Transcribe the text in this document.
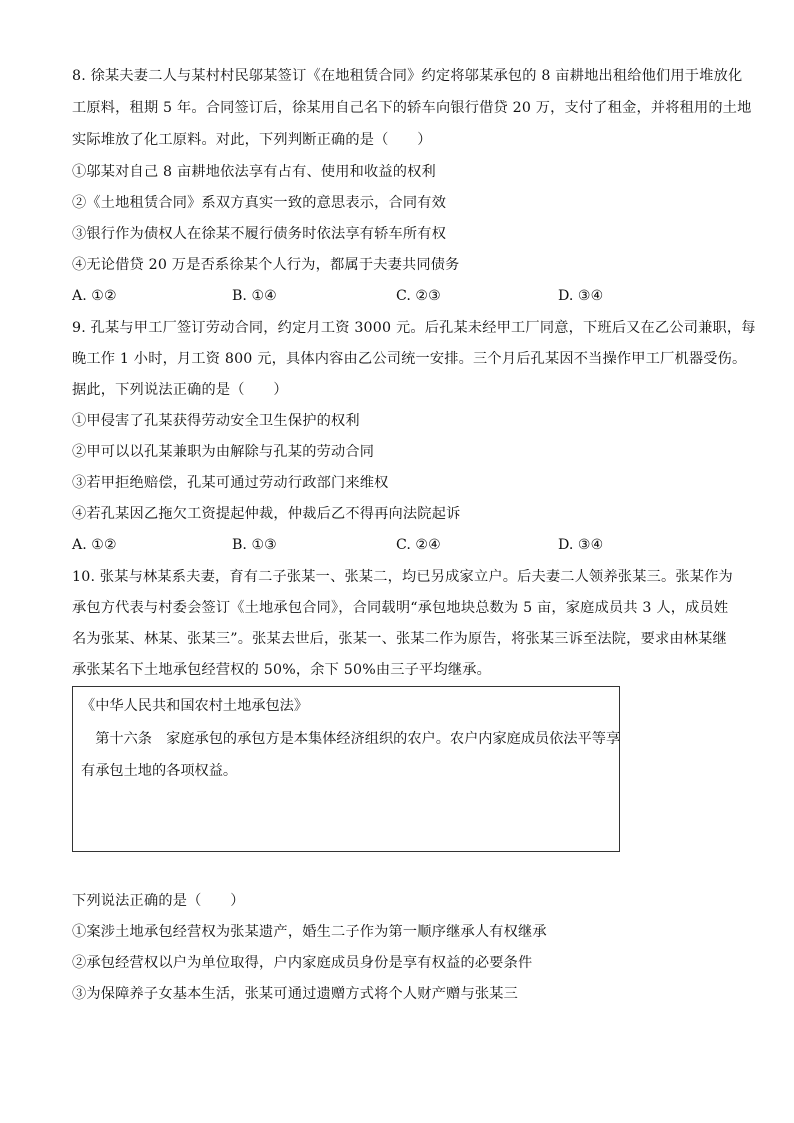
8. 徐某夫妻二人与某村村民邬某签订《在地租赁合同》约定将邬某承包的 8 亩耕地出租给他们用于堆放化
工原料，租期 5 年。合同签订后，徐某用自己名下的轿车向银行借贷 20 万，支付了租金，并将租用的土地
实际堆放了化工原料。对此，下列判断正确的是（　　）
①邬某对自己 8 亩耕地依法享有占有、使用和收益的权利
②《土地租赁合同》系双方真实一致的意思表示，合同有效
③银行作为债权人在徐某不履行债务时依法享有轿车所有权
④无论借贷 20 万是否系徐某个人行为，都属于夫妻共同债务
A. ①②	B. ①④	C. ②③	D. ③④
9. 孔某与甲工厂签订劳动合同，约定月工资 3000 元。后孔某未经甲工厂同意，下班后又在乙公司兼职，每
晚工作 1 小时，月工资 800 元，具体内容由乙公司统一安排。三个月后孔某因不当操作甲工厂机器受伤。
据此，下列说法正确的是（　　）
①甲侵害了孔某获得劳动安全卫生保护的权利
②甲可以以孔某兼职为由解除与孔某的劳动合同
③若甲拒绝赔偿，孔某可通过劳动行政部门来维权
④若孔某因乙拖欠工资提起仲裁，仲裁后乙不得再向法院起诉
A. ①②	B. ①③	C. ②④	D. ③④
10. 张某与林某系夫妻，育有二子张某一、张某二，均已另成家立户。后夫妻二人领养张某三。张某作为
承包方代表与村委会签订《土地承包合同》，合同载明“承包地块总数为 5 亩，家庭成员共 3 人，成员姓
名为张某、林某、张某三”。张某去世后，张某一、张某二作为原告，将张某三诉至法院，要求由林某继
承张某名下土地承包经营权的 50%，余下 50%由三子平均继承。
《中华人民共和国农村土地承包法》
　第十六条　家庭承包的承包方是本集体经济组织的农户。农户内家庭成员依法平等享
有承包土地的各项权益。
下列说法正确的是（　　）
①案涉土地承包经营权为张某遗产，婚生二子作为第一顺序继承人有权继承
②承包经营权以户为单位取得，户内家庭成员身份是享有权益的必要条件
③为保障养子女基本生活，张某可通过遗赠方式将个人财产赠与张某三
